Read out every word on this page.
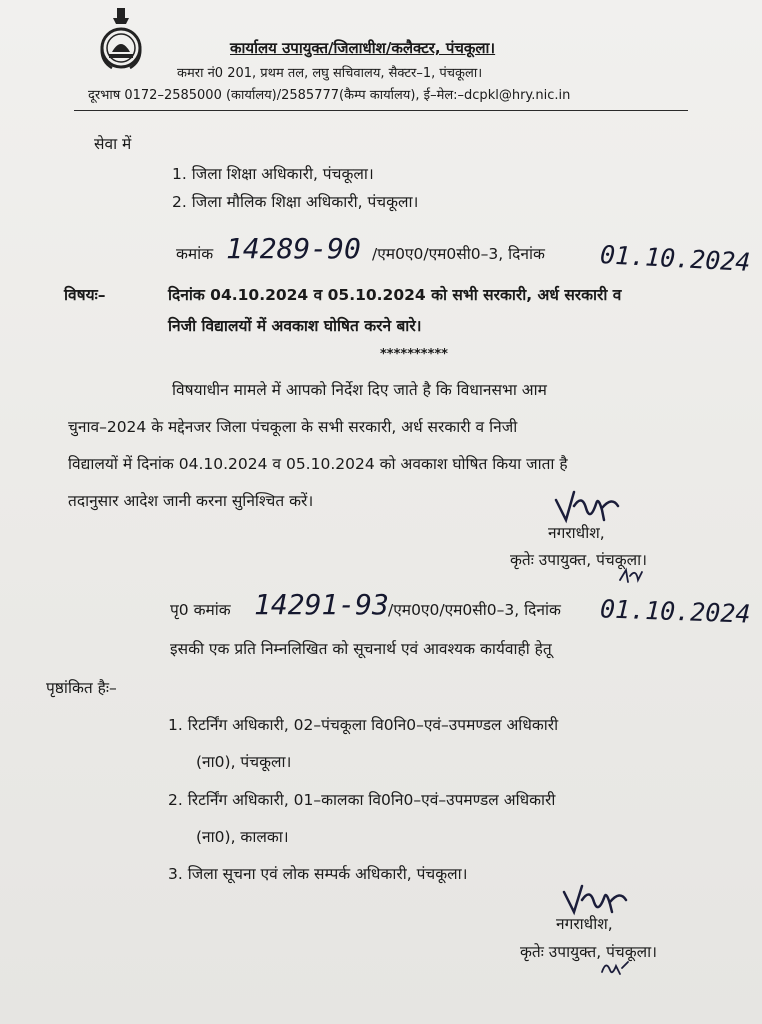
कार्यालय उपायुक्त/जिलाधीश/कलैक्टर, पंचकूला।
कमरा नं0 201, प्रथम तल, लघु सचिवालय, सैक्टर–1, पंचकूला।
दूरभाष 0172–2585000 (कार्यालय)/2585777(कैम्प कार्यालय), ई–मेल:–dcpkl@hry.nic.in
सेवा में
1. जिला शिक्षा अधिकारी, पंचकूला।
2. जिला मौलिक शिक्षा अधिकारी, पंचकूला।
कमांक 14289-90 /एम0ए0/एम0सी0–3, दिनांक 01.10.2024
विषयः–	दिनांक 04.10.2024 व 05.10.2024 को सभी सरकारी, अर्ध सरकारी व
निजी विद्यालयों में अवकाश घोषित करने बारे।
**********
विषयाधीन मामले में आपको निर्देश दिए जाते है कि विधानसभा आम
चुनाव–2024 के मद्देनजर जिला पंचकूला के सभी सरकारी, अर्ध सरकारी व निजी
विद्यालयों में दिनांक 04.10.2024 व 05.10.2024 को अवकाश घोषित किया जाता है
तदानुसार आदेश जानी करना सुनिश्चित करें।
नगराधीश,
कृतेः उपायुक्त, पंचकूला।
पृ0 कमांक 14291-93 /एम0ए0/एम0सी0–3, दिनांक 01.10.2024
इसकी एक प्रति निम्नलिखित को सूचनार्थ एवं आवश्यक कार्यवाही हेतू
पृष्ठांकित हैः–
1. रिटर्निंग अधिकारी, 02–पंचकूला वि0नि0–एवं–उपमण्डल अधिकारी
(ना0), पंचकूला।
2. रिटर्निंग अधिकारी, 01–कालका वि0नि0–एवं–उपमण्डल अधिकारी
(ना0), कालका।
3. जिला सूचना एवं लोक सम्पर्क अधिकारी, पंचकूला।
नगराधीश,
कृतेः उपायुक्त, पंचकूला।
